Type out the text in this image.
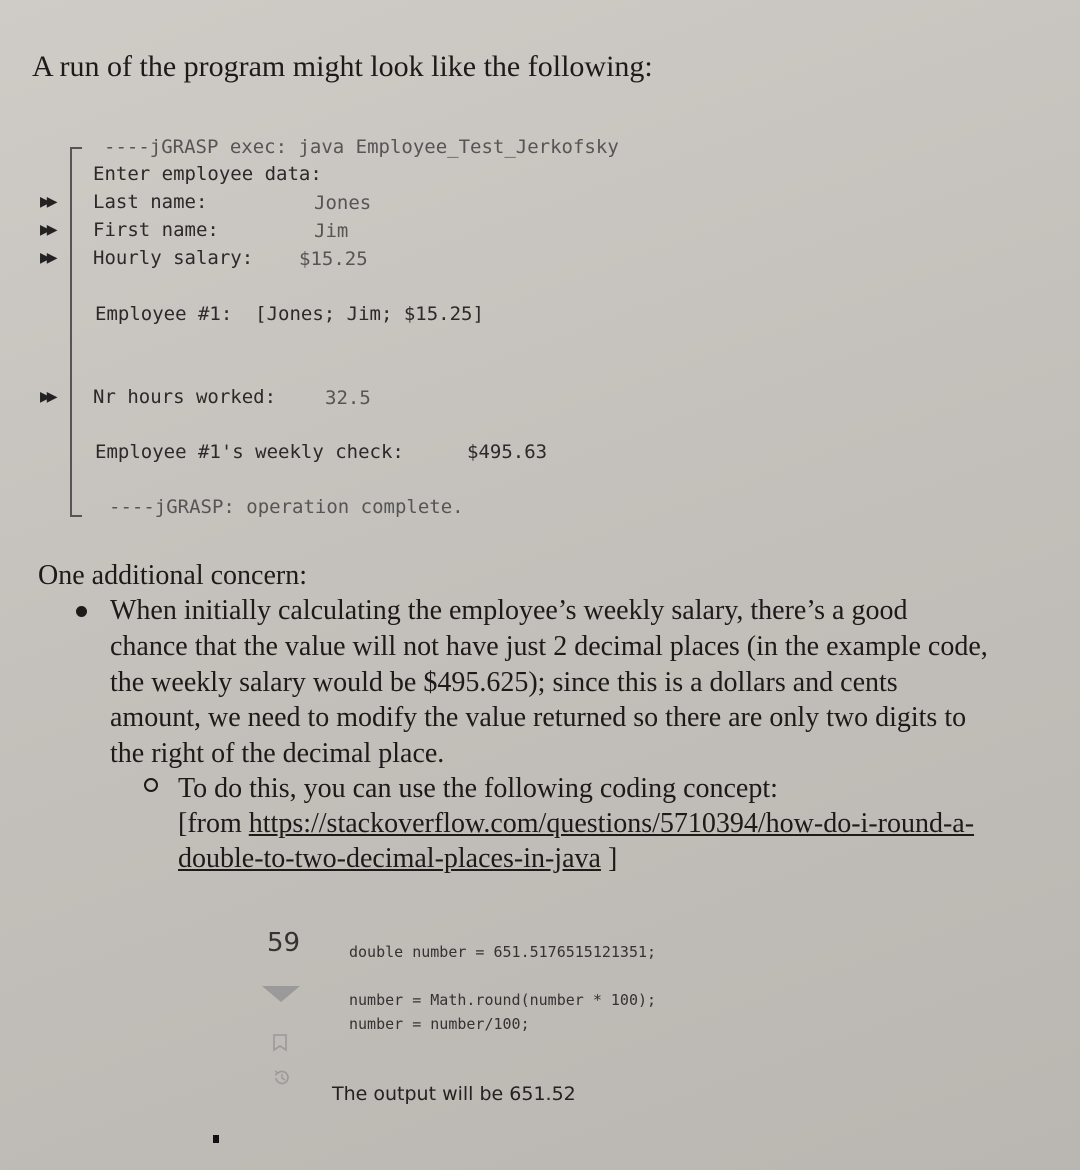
A run of the program might look like the following:
▶▶
▶▶
▶▶
▶▶
----jGRASP exec: java Employee_Test_Jerkofsky
Enter employee data:
Last name:	Jones
First name:	Jim
Hourly salary: $15.25
Employee #1:  [Jones; Jim; $15.25]
Nr hours worked:	32.5
Employee #1's weekly check:	$495.63
----jGRASP: operation complete.
One additional concern:
When initially calculating the employee’s weekly salary, there’s a good
chance that the value will not have just 2 decimal places (in the example code,
the weekly salary would be $495.625); since this is a dollars and cents
amount, we need to modify the value returned so there are only two digits to
the right of the decimal place.
To do this, you can use the following coding concept:
[from https://stackoverflow.com/questions/5710394/how-do-i-round-a-
double-to-two-decimal-places-in-java ]
59	double number = 651.5176515121351;
number = Math.round(number * 100);
number = number/100;
The output will be 651.52
